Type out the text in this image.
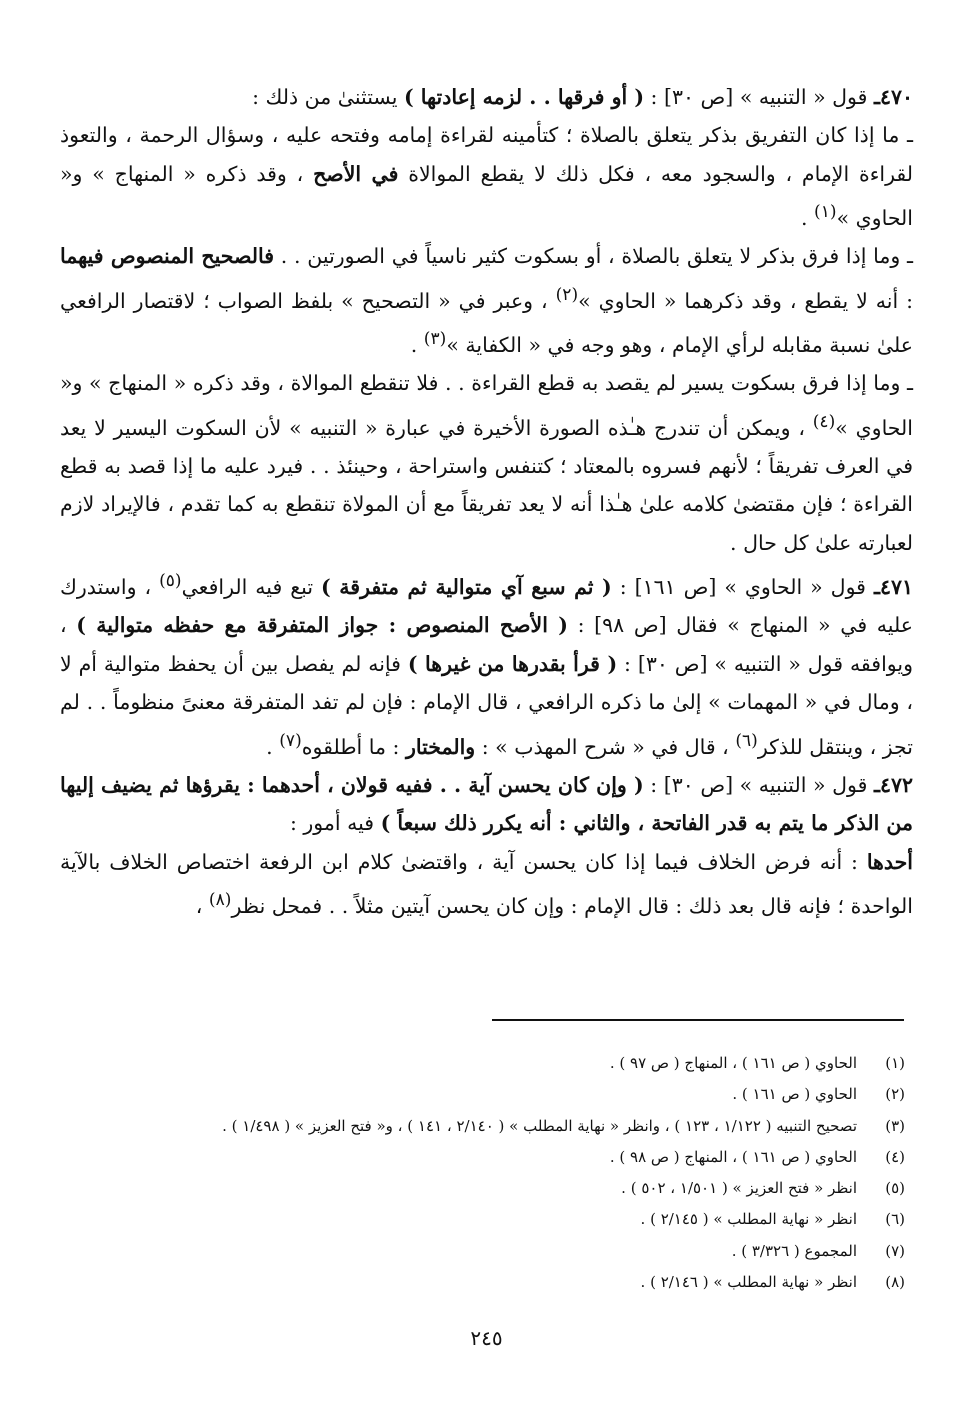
٤٧٠ـ قول « التنبيه » [ص ٣٠] : ( أو فرقها . . لزمه إعادتها ) يستثنىٰ من ذلك :

ـ ما إذا كان التفريق بذكر يتعلق بالصلاة ؛ كتأمينه لقراءة إمامه وفتحه عليه ، وسؤال الرحمة ، والتعوذ لقراءة الإمام ، والسجود معه ، فكل ذلك لا يقطع الموالاة في الأصح ، وقد ذكره « المنهاج » و« الحاوي »$^{(١)}$ .

ـ وما إذا فرق بذكر لا يتعلق بالصلاة ، أو بسكوت كثير ناسياً في الصورتين . . فالصحيح المنصوص فيهما : أنه لا يقطع ، وقد ذكرهما « الحاوي »$^{(٢)}$ ، وعبر في « التصحيح » بلفظ الصواب ؛ لاقتصار الرافعي علىٰ نسبة مقابله لرأي الإمام ، وهو وجه في « الكفاية »$^{(٣)}$ .

ـ وما إذا فرق بسكوت يسير لم يقصد به قطع القراءة . . فلا تنقطع الموالاة ، وقد ذكره « المنهاج » و« الحاوي »$^{(٤)}$ ، ويمكن أن تندرج هـٰذه الصورة الأخيرة في عبارة « التنبيه » لأن السكوت اليسير لا يعد في العرف تفريقاً ؛ لأنهم فسروه بالمعتاد ؛ كتنفس واستراحة ، وحينئذ . . فيرد عليه ما إذا قصد به قطع القراءة ؛ فإن مقتضىٰ كلامه علىٰ هـٰذا أنه لا يعد تفريقاً مع أن المولاة تنقطع به كما تقدم ، فالإيراد لازم لعبارته علىٰ كل حال .

٤٧١ـ قول « الحاوي » [ص ١٦١] : ( ثم سبع آي متوالية ثم متفرقة ) تبع فيه الرافعي$^{(٥)}$ ، واستدرك عليه في « المنهاج » فقال [ص ٩٨] : ( الأصح المنصوص : جواز المتفرقة مع حفظه متوالية ) ، ويوافقه قول « التنبيه » [ص ٣٠] : ( قرأ بقدرها من غيرها ) فإنه لم يفصل بين أن يحفظ متوالية أم لا ، ومال في « المهمات » إلىٰ ما ذكره الرافعي ، قال الإمام : فإن لم تفد المتفرقة معنىً منظوماً . . لم تجز ، وينتقل للذكر$^{(٦)}$ ، قال في « شرح المهذب » : والمختار : ما أطلقوه$^{(٧)}$ .

٤٧٢ـ قول « التنبيه » [ص ٣٠] : ( وإن كان يحسن آية . . ففيه قولان ، أحدهما : يقرؤها ثم يضيف إليها من الذكر ما يتم به قدر الفاتحة ، والثاني : أنه يكرر ذلك سبعاً ) فيه أمور :

أحدها : أنه فرض الخلاف فيما إذا كان يحسن آية ، واقتضىٰ كلام ابن الرفعة اختصاص الخلاف بالآية الواحدة ؛ فإنه قال بعد ذلك : قال الإمام : وإن كان يحسن آيتين مثلاً . . فمحل نظر$^{(٨)}$ ،

(١)
الحاوي ( ص ١٦١ ) ، المنهاج ( ص ٩٧ ) .
(٢)
الحاوي ( ص ١٦١ ) .
(٣)
تصحيح التنبيه ( ١/١٢٢ ، ١٢٣ ) ، وانظر « نهاية المطلب » ( ٢/١٤٠ ، ١٤١ ) ، و« فتح العزيز » ( ١/٤٩٨ ) .
(٤)
الحاوي ( ص ١٦١ ) ، المنهاج ( ص ٩٨ ) .
(٥)
انظر « فتح العزيز » ( ١/٥٠١ ، ٥٠٢ ) .
(٦)
انظر « نهاية المطلب » ( ٢/١٤٥ ) .
(٧)
المجموع ( ٣/٣٢٦ ) .
(٨)
انظر « نهاية المطلب » ( ٢/١٤٦ ) .
٢٤٥
